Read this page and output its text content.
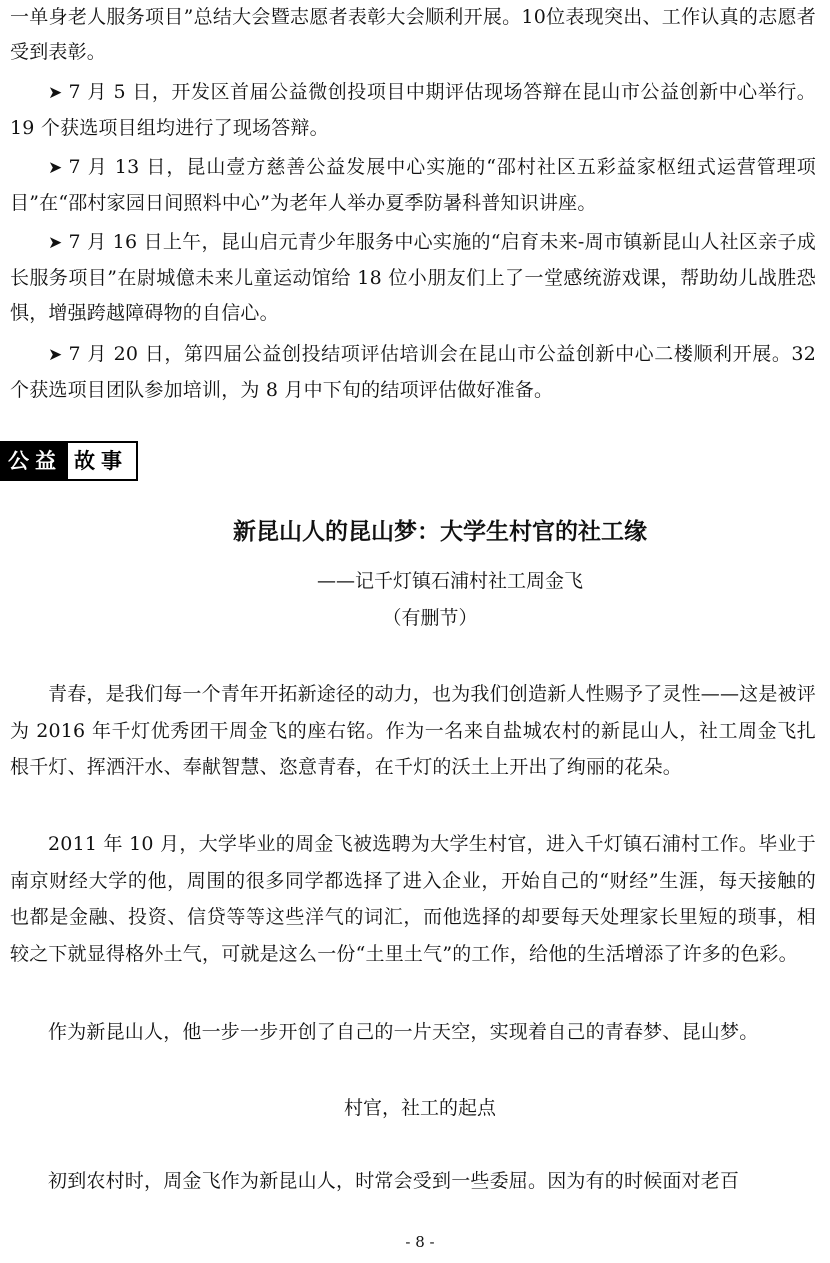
一单身老人服务项目”总结大会暨志愿者表彰大会顺利开展。10位表现突出、工作认真的志愿者受到表彰。

➤ 7 月 5 日，开发区首届公益微创投项目中期评估现场答辩在昆山市公益创新中心举行。19 个获选项目组均进行了现场答辩。

➤ 7 月 13 日，昆山壹方慈善公益发展中心实施的“邵村社区五彩益家枢纽式运营管理项目”在“邵村家园日间照料中心”为老年人举办夏季防暑科普知识讲座。

➤ 7 月 16 日上午，昆山启元青少年服务中心实施的“启育未来-周市镇新昆山人社区亲子成长服务项目”在尉城億未来儿童运动馆给 18 位小朋友们上了一堂感统游戏课，帮助幼儿战胜恐惧，增强跨越障碍物的自信心。

➤ 7 月 20 日，第四届公益创投结项评估培训会在昆山市公益创新中心二楼顺利开展。32 个获选项目团队参加培训，为 8 月中下旬的结项评估做好准备。

公益 故事
新昆山人的昆山梦：大学生村官的社工缘

——记千灯镇石浦村社工周金飞

（有删节）

青春，是我们每一个青年开拓新途径的动力，也为我们创造新人性赐予了灵性——这是被评为 2016 年千灯优秀团干周金飞的座右铭。作为一名来自盐城农村的新昆山人，社工周金飞扎根千灯、挥洒汗水、奉献智慧、恣意青春，在千灯的沃土上开出了绚丽的花朵。

2011 年 10 月，大学毕业的周金飞被选聘为大学生村官，进入千灯镇石浦村工作。毕业于南京财经大学的他，周围的很多同学都选择了进入企业，开始自己的“财经”生涯，每天接触的也都是金融、投资、信贷等等这些洋气的词汇，而他选择的却要每天处理家长里短的琐事，相较之下就显得格外土气，可就是这么一份“土里土气”的工作，给他的生活增添了许多的色彩。

作为新昆山人，他一步一步开创了自己的一片天空，实现着自己的青春梦、昆山梦。

村官，社工的起点

初到农村时，周金飞作为新昆山人，时常会受到一些委屈。因为有的时候面对老百

- 8 -
